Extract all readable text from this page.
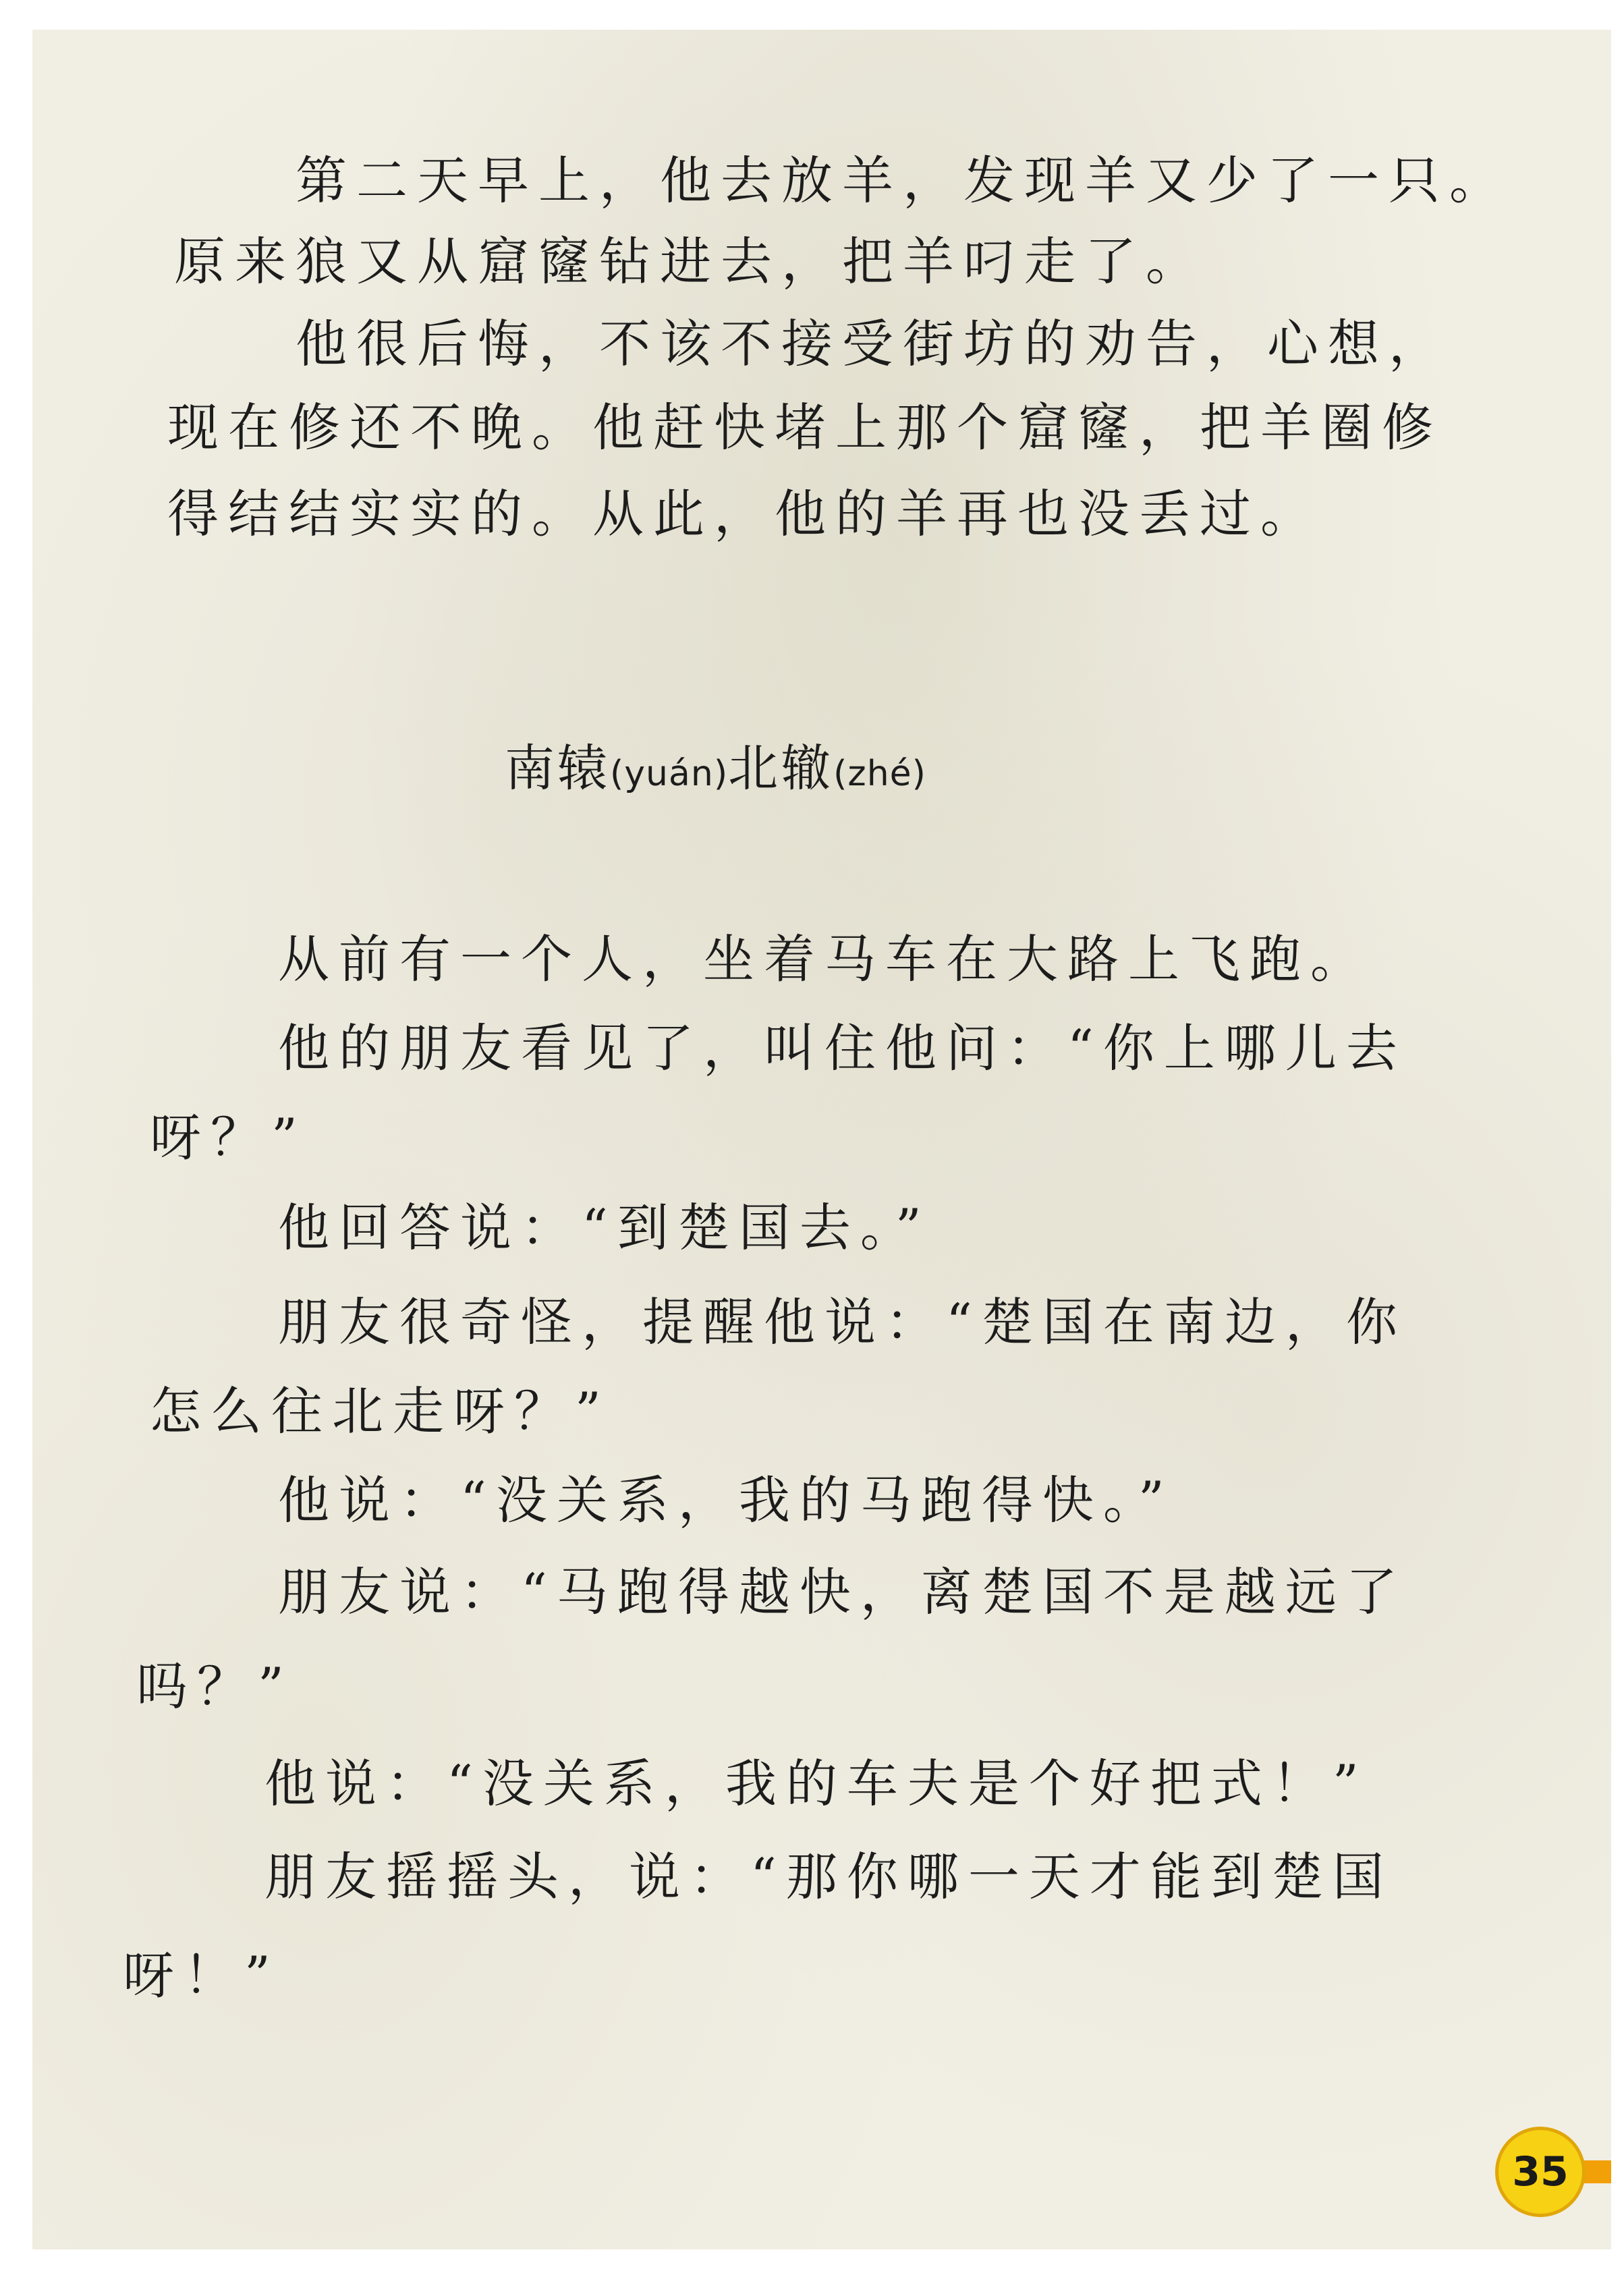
第二天早上，他去放羊，发现羊又少了一只。
原来狼又从窟窿钻进去，把羊叼走了。
他很后悔，不该不接受街坊的劝告，心想，
现在修还不晚。他赶快堵上那个窟窿，把羊圈修
得结结实实的。从此，他的羊再也没丢过。
南辕(yuán)北辙(zhé)
从前有一个人，坐着马车在大路上飞跑。
他的朋友看见了，叫住他问：“你上哪儿去
呀？”
他回答说：“到楚国去。”
朋友很奇怪，提醒他说：“楚国在南边，你
怎么往北走呀？”
他说：“没关系，我的马跑得快。”
朋友说：“马跑得越快，离楚国不是越远了
吗？”
他说：“没关系，我的车夫是个好把式！”
朋友摇摇头，说：“那你哪一天才能到楚国
呀！”
35
